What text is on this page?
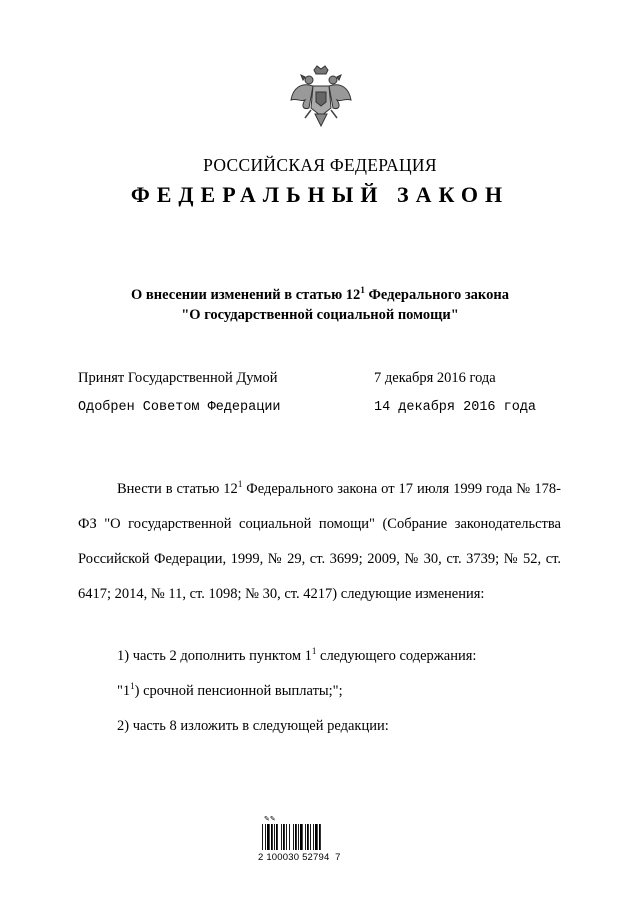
РОССИЙСКАЯ ФЕДЕРАЦИЯ
ФЕДЕРАЛЬНЫЙ ЗАКОН
О внесении изменений в статью $12^1$ Федерального закона
"О государственной социальной помощи"
Принят Государственной Думой	7 декабря 2016 года
Одобрен Советом Федерации	14 декабря 2016 года

Внести в статью $12^1$ Федерального закона от 17 июля 1999 года № 178-ФЗ "О государственной социальной помощи" (Собрание законодательства Российской Федерации, 1999, № 29, ст. 3699; 2009, № 30, ст. 3739; № 52, ст. 6417; 2014, № 11, ст. 1098; № 30, ст. 4217) следующие изменения:

1) часть 2 дополнить пунктом $1^1$ следующего содержания:

"$1^1$) срочной пенсионной выплаты;";

2) часть 8 изложить в следующей редакции:

✎✎
2 100030 52794  7
